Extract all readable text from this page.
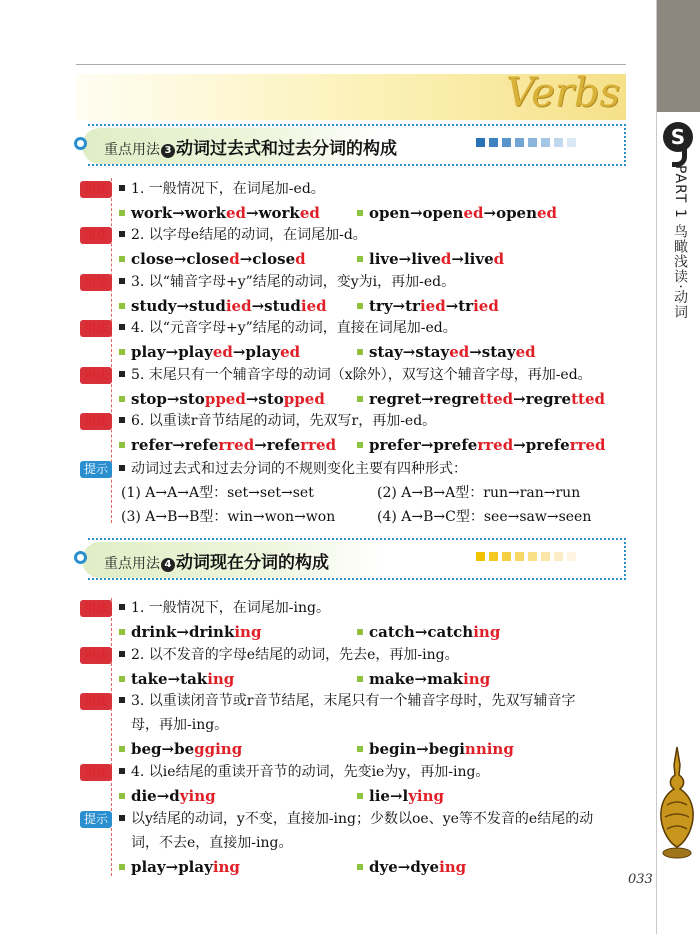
S
PART 1 鸟瞰浅读·动词
Verbs
重点用法 3 动词过去式和过去分词的构成
用法	1. 一般情况下，在词尾加-ed。
work→worked→worked	open→opened→opened
用法	2. 以字母e结尾的动词，在词尾加-d。
close→closed→closed	live→lived→lived
用法	3. 以“辅音字母+y”结尾的动词，变y为i，再加-ed。
study→studied→studied	try→tried→tried
用法	4. 以“元音字母+y”结尾的动词，直接在词尾加-ed。
play→played→played	stay→stayed→stayed
用法	5. 末尾只有一个辅音字母的动词（x除外），双写这个辅音字母，再加-ed。
stop→stopped→stopped	regret→regretted→regretted
用法	6. 以重读r音节结尾的动词，先双写r，再加-ed。
refer→referred→referred	prefer→preferred→preferred
提示	动词过去式和过去分词的不规则变化主要有四种形式：
(1) A→A→A型：set→set→set	(2) A→B→A型：run→ran→run
(3) A→B→B型：win→won→won	(4) A→B→C型：see→saw→seen
重点用法 4 动词现在分词的构成
用法	1. 一般情况下，在词尾加-ing。
drink→drinking	catch→catching
用法	2. 以不发音的字母e结尾的动词，先去e，再加-ing。
take→taking	make→making
用法	3. 以重读闭音节或r音节结尾，末尾只有一个辅音字母时，先双写辅音字
母，再加-ing。
beg→begging	begin→beginning
用法	4. 以ie结尾的重读开音节的动词，先变ie为y，再加-ing。
die→dying	lie→lying
提示	以y结尾的动词，y不变，直接加-ing；少数以oe、ye等不发音的e结尾的动
词，不去e，直接加-ing。
play→playing	dye→dyeing
033
